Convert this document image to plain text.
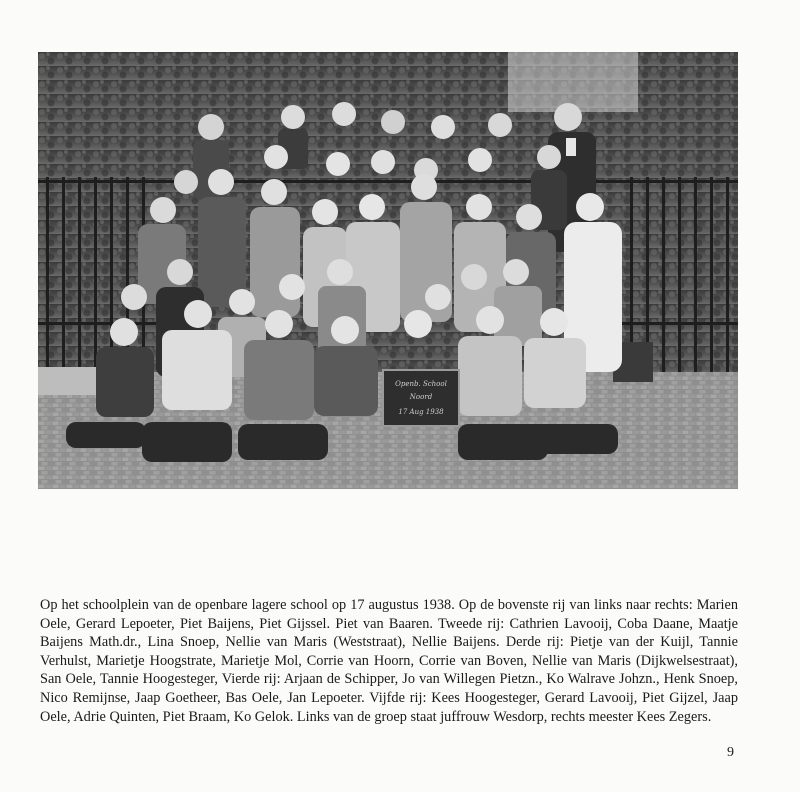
Openb. School
Noord
17 Aug 1938

Op het schoolplein van de openbare lagere school op 17 augustus 1938. Op de bovenste rij van links naar rechts: Marien Oele, Gerard Lepoeter, Piet Baijens, Piet Gijssel. Piet van Baaren. Tweede rij: Cathrien Lavooij, Coba Daane, Maatje Baijens Math.dr., Lina Snoep, Nellie van Maris (Weststraat), Nellie Baijens. Derde rij: Pietje van der Kuijl, Tannie Verhulst, Marietje Hoogstrate, Marietje Mol, Corrie van Hoorn, Corrie van Boven, Nellie van Maris (Dijkwelsestraat), San Oele, Tannie Hoogesteger, Vierde rij: Arjaan de Schipper, Jo van Willegen Pietzn., Ko Walrave Johzn., Henk Snoep, Nico Remijnse, Jaap Goetheer, Bas Oele, Jan Lepoeter. Vijfde rij: Kees Hoogesteger, Gerard Lavooij, Piet Gijzel, Jaap Oele, Adrie Quinten, Piet Braam, Ko Gelok. Links van de groep staat juffrouw Wesdorp, rechts meester Kees Zegers.

9
